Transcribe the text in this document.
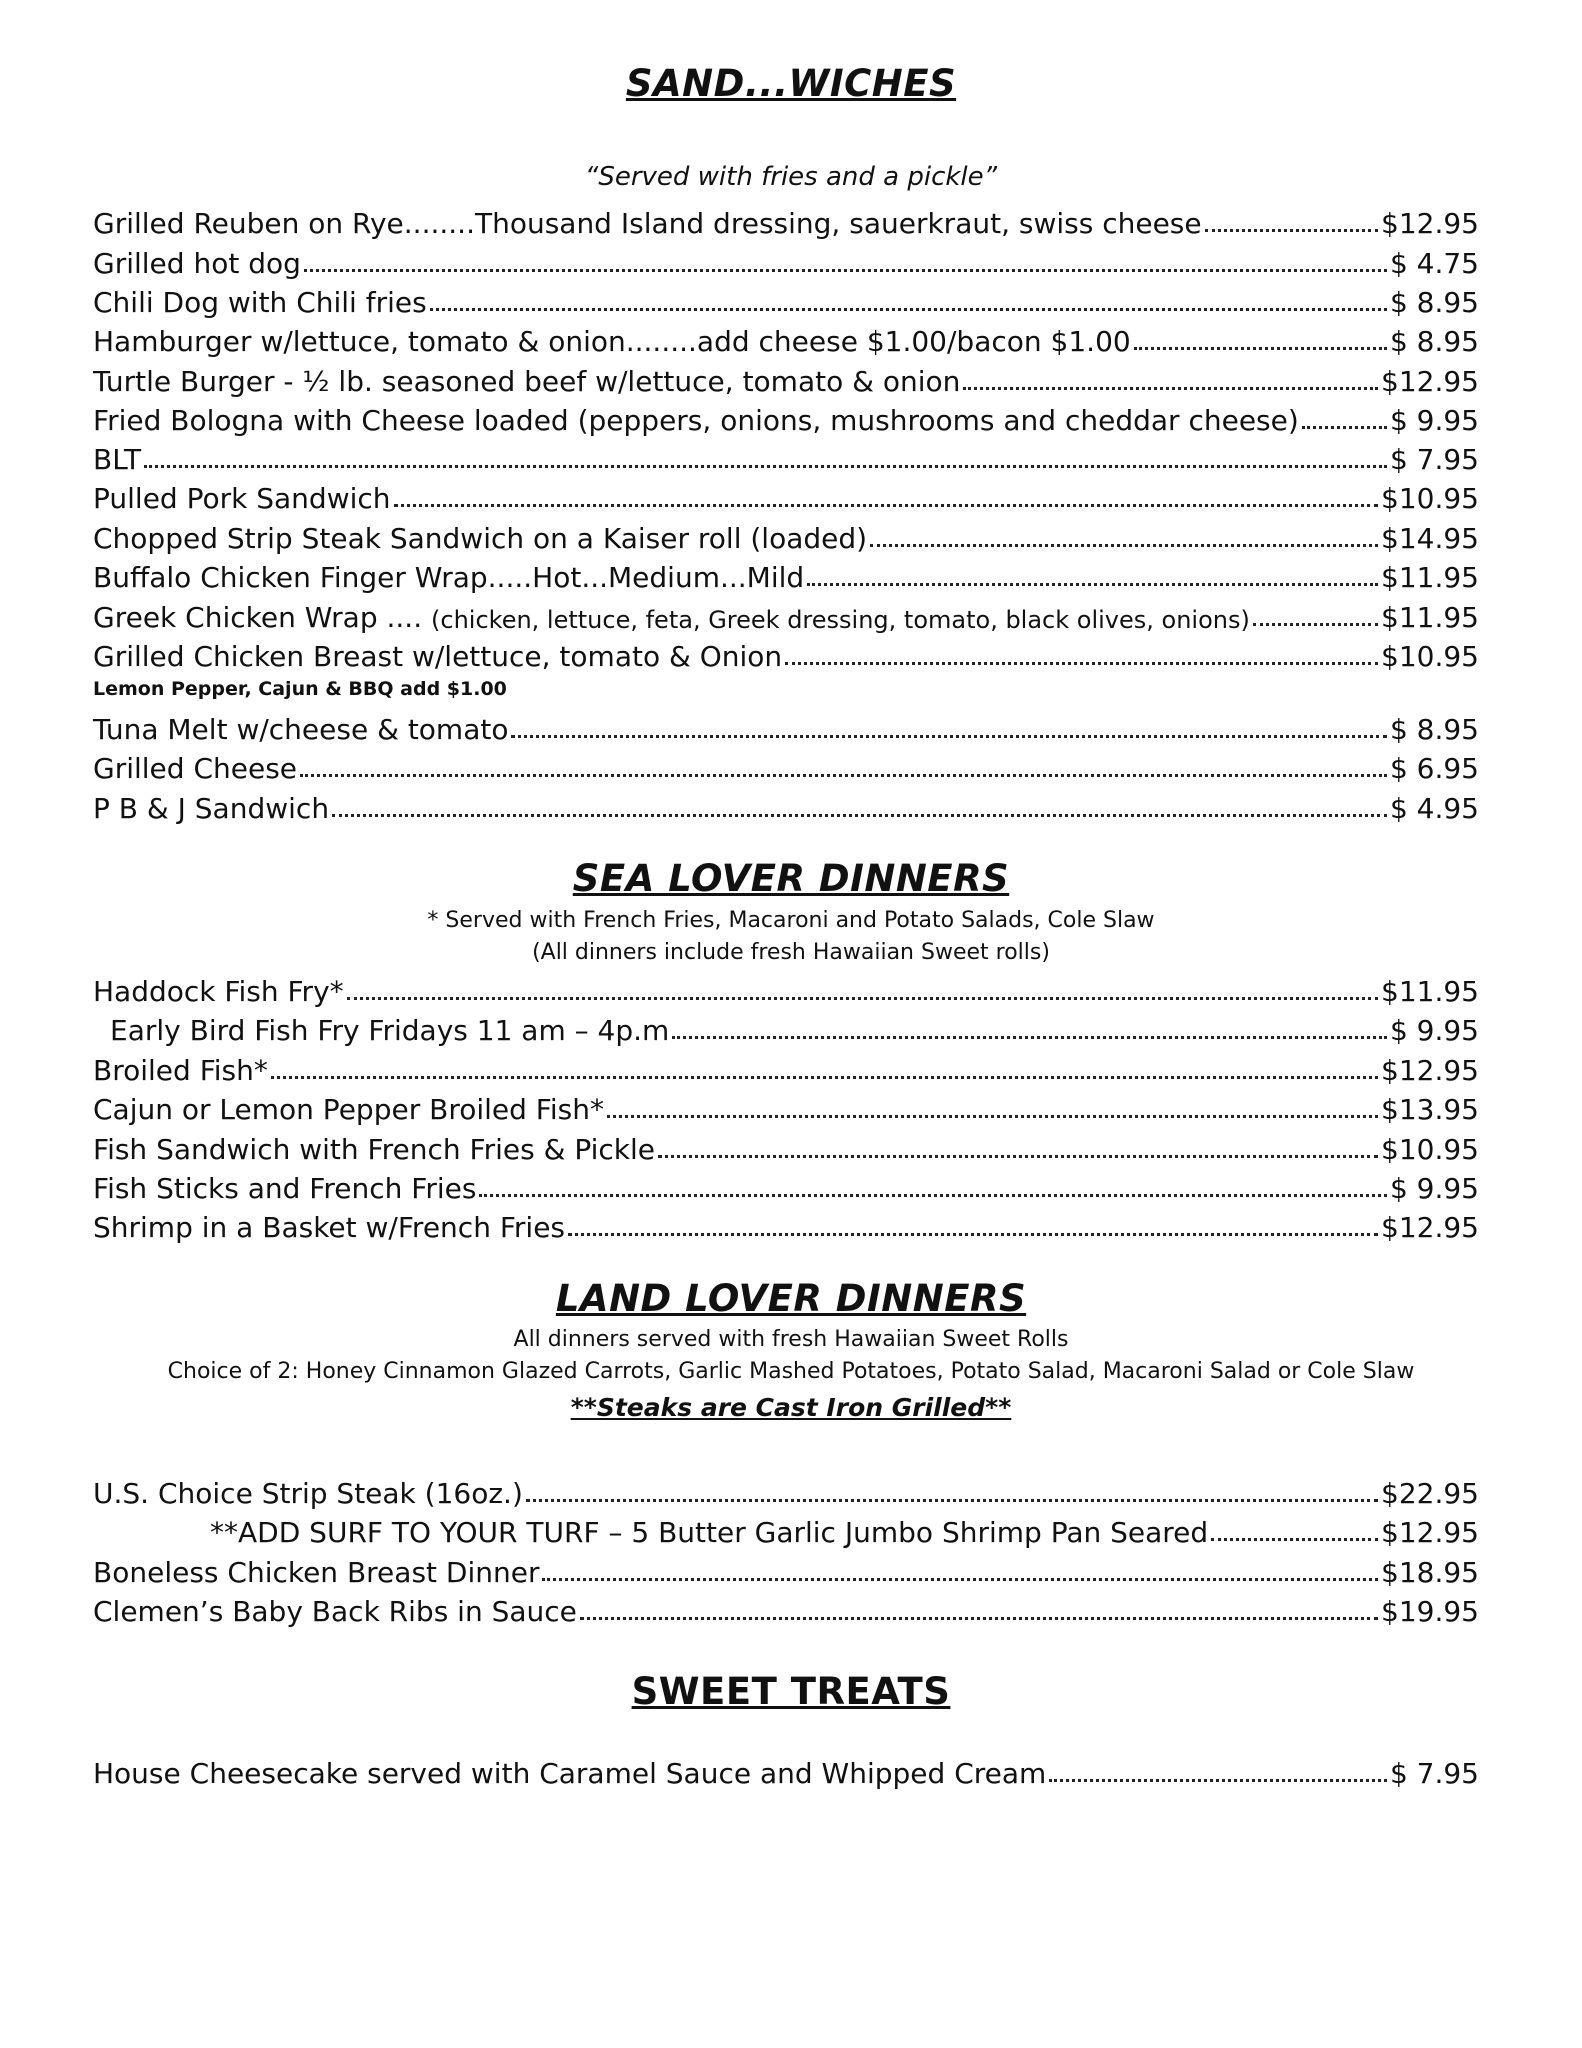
SAND...WICHES

“Served with fries and a pickle”

Grilled Reuben on Rye........Thousand Island dressing, sauerkraut, swiss cheese	$12.95
Grilled hot dog	$ 4.75
Chili Dog with Chili fries	$ 8.95
Hamburger w/lettuce, tomato & onion........add cheese $1.00/bacon $1.00	$ 8.95
Turtle Burger - ½ lb. seasoned beef w/lettuce, tomato & onion	$12.95
Fried Bologna with Cheese loaded (peppers, onions, mushrooms and cheddar cheese)	$ 9.95
BLT	$ 7.95
Pulled Pork Sandwich	$10.95
Chopped Strip Steak Sandwich on a Kaiser roll (loaded)	$14.95
Buffalo Chicken Finger Wrap.....Hot...Medium...Mild	$11.95
Greek Chicken Wrap ....
(chicken, lettuce, feta, Greek dressing, tomato, black olives, onions)	$11.95
Grilled Chicken Breast w/lettuce, tomato & Onion	$10.95

Lemon Pepper, Cajun & BBQ add $1.00

Tuna Melt w/cheese & tomato	$ 8.95
Grilled Cheese	$ 6.95
P B & J Sandwich	$ 4.95
SEA LOVER DINNERS

* Served with French Fries, Macaroni and Potato Salads, Cole Slaw

(All dinners include fresh Hawaiian Sweet rolls)

Haddock Fish Fry*	$11.95
Early Bird Fish Fry Fridays 11 am – 4p.m	$ 9.95
Broiled Fish*	$12.95
Cajun or Lemon Pepper Broiled Fish*	$13.95
Fish Sandwich with French Fries & Pickle	$10.95
Fish Sticks and French Fries	$ 9.95
Shrimp in a Basket w/French Fries	$12.95
LAND LOVER DINNERS

All dinners served with fresh Hawaiian Sweet Rolls

Choice of 2: Honey Cinnamon Glazed Carrots, Garlic Mashed Potatoes, Potato Salad, Macaroni Salad or Cole Slaw

**Steaks are Cast Iron Grilled**

U.S. Choice Strip Steak (16oz.)	$22.95
**ADD SURF TO YOUR TURF – 5 Butter Garlic Jumbo Shrimp Pan Seared	$12.95
Boneless Chicken Breast Dinner	$18.95
Clemen’s Baby Back Ribs in Sauce	$19.95
SWEET TREATS
House Cheesecake served with Caramel Sauce and Whipped Cream	$ 7.95
